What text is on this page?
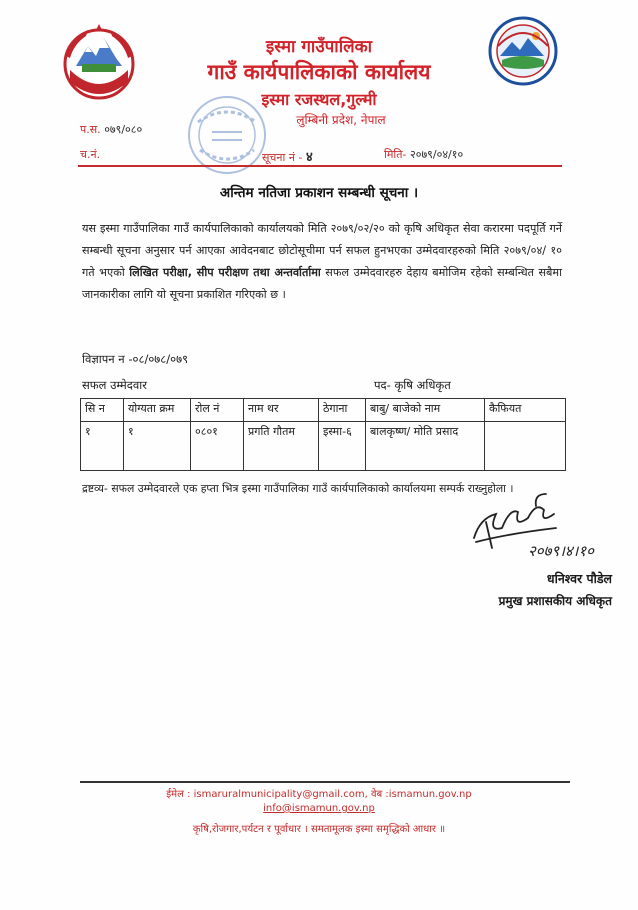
इस्मा गाउँपालिका
गाउँ कार्यपालिकाको कार्यालय
इस्मा रजस्थल,गुल्मी
लुम्बिनी प्रदेश, नेपाल
प.स. ०७९/०८०
च.नं.	सूचना नं - ४	मिति- २०७९/०४/१०
अन्तिम नतिजा प्रकाशन सम्बन्धी सूचना ।
यस इस्मा गाउँपालिका गाउँ कार्यपालिकाको कार्यालयको मिति २०७९/०२/२० को कृषि अधिकृत सेवा करारमा पदपूर्ति गर्ने सम्बन्धी सूचना अनुसार पर्न आएका आवेदनबाट छोटोसूचीमा पर्न सफल हुनभएका उम्मेदवारहरुको मिति २०७९/०४/ १० गते भएको लिखित परीक्षा, सीप परीक्षण तथा अन्तर्वार्तामा सफल उम्मेदवारहरु देहाय बमोजिम रहेको सम्बन्धित सबैमा जानकारीका लागि यो सूचना प्रकाशित गरिएको छ ।
विज्ञापन न -०८/०७८/०७९
सफल उम्मेदवार	पद- कृषि अधिकृत
सि न	योग्यता क्रम	रोल नं	नाम थर	ठेगाना	बाबु/ बाजेको नाम	कैफियत
१	१	०८०१	प्रगति गौतम	इस्मा-६	बालकृष्ण/ मोति प्रसाद	
द्रष्टव्य- सफल उम्मेदवारले एक हप्ता भित्र इस्मा गाउँपालिका गाउँ कार्यपालिकाको कार्यालयमा सम्पर्क राख्नुहोला ।
२०७९।४।१०
धनिश्वर पौडेल
प्रमुख प्रशासकीय अधिकृत
ईमेल : ismaruralmunicipality@gmail.com, वेब :ismamun.gov.np
info@ismamun.gov.np
कृषि,रोजगार,पर्यटन र पूर्वाधार । समतामूलक इस्मा समृद्धिको आधार ॥
